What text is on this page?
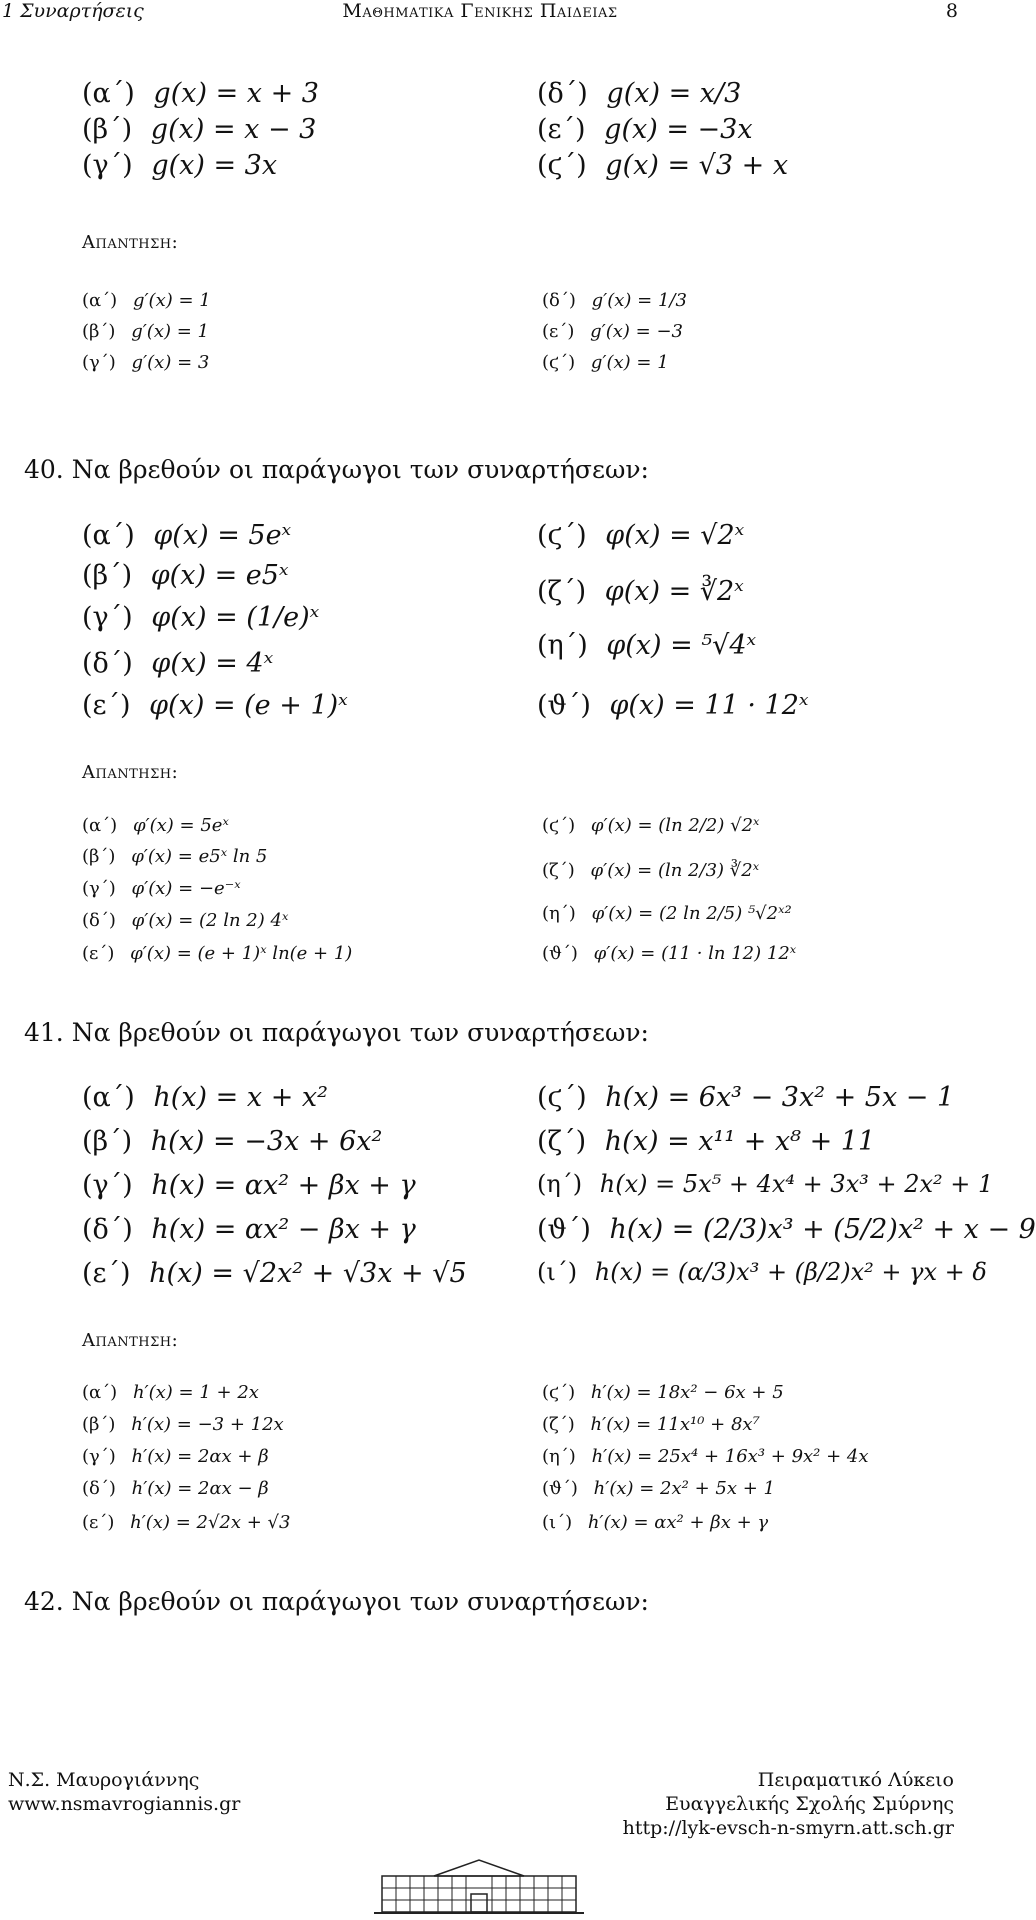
1 Συναρτήσεις	Μαθηματικα Γενικης Παιδειας	8
(α΄) g(x) = x + 3
(β΄) g(x) = x − 3
(γ΄) g(x) = 3x
(δ΄) g(x) = x/3
(ε΄) g(x) = −3x
(ϛ΄) g(x) = √3 + x
Απαντηση:
(α΄) g′(x) = 1
(β΄) g′(x) = 1
(γ΄) g′(x) = 3
(δ΄) g′(x) = 1/3
(ε΄) g′(x) = −3
(ϛ΄) g′(x) = 1
40. Να βρεθούν οι παράγωγοι των συναρτήσεων:
(α΄) φ(x) = 5eˣ
(β΄) φ(x) = e5ˣ
(γ΄) φ(x) = (1/e)ˣ
(δ΄) φ(x) = 4ˣ
(ε΄) φ(x) = (e + 1)ˣ
(ϛ΄) φ(x) = √2ˣ
(ζ΄) φ(x) = ∛2ˣ
(η΄) φ(x) = ⁵√4ˣ
(ϑ΄) φ(x) = 11 · 12ˣ
Απαντηση:
(α΄) φ′(x) = 5eˣ
(β΄) φ′(x) = e5ˣ ln 5
(γ΄) φ′(x) = −e⁻ˣ
(δ΄) φ′(x) = (2 ln 2) 4ˣ
(ε΄) φ′(x) = (e + 1)ˣ ln(e + 1)
(ϛ΄) φ′(x) = (ln 2/2) √2ˣ
(ζ΄) φ′(x) = (ln 2/3) ∛2ˣ
(η΄) φ′(x) = (2 ln 2/5) ⁵√2ˣ²
(ϑ΄) φ′(x) = (11 · ln 12) 12ˣ
41. Να βρεθούν οι παράγωγοι των συναρτήσεων:
(α΄) h(x) = x + x²
(β΄) h(x) = −3x + 6x²
(γ΄) h(x) = αx² + βx + γ
(δ΄) h(x) = αx² − βx + γ
(ε΄) h(x) = √2x² + √3x + √5
(ϛ΄) h(x) = 6x³ − 3x² + 5x − 1
(ζ΄) h(x) = x¹¹ + x⁸ + 11
(η΄) h(x) = 5x⁵ + 4x⁴ + 3x³ + 2x² + 1
(ϑ΄) h(x) = (2/3)x³ + (5/2)x² + x − 9
(ι΄) h(x) = (α/3)x³ + (β/2)x² + γx + δ
Απαντηση:
(α΄) h′(x) = 1 + 2x
(β΄) h′(x) = −3 + 12x
(γ΄) h′(x) = 2αx + β
(δ΄) h′(x) = 2αx − β
(ε΄) h′(x) = 2√2x + √3
(ϛ΄) h′(x) = 18x² − 6x + 5
(ζ΄) h′(x) = 11x¹⁰ + 8x⁷
(η΄) h′(x) = 25x⁴ + 16x³ + 9x² + 4x
(ϑ΄) h′(x) = 2x² + 5x + 1
(ι΄) h′(x) = αx² + βx + γ
42. Να βρεθούν οι παράγωγοι των συναρτήσεων:
Ν.Σ. Μαυρογιάννης
www.nsmavrogiannis.gr
Πειραματικό Λύκειο
Ευαγγελικής Σχολής Σμύρνης
http://lyk-evsch-n-smyrn.att.sch.gr
